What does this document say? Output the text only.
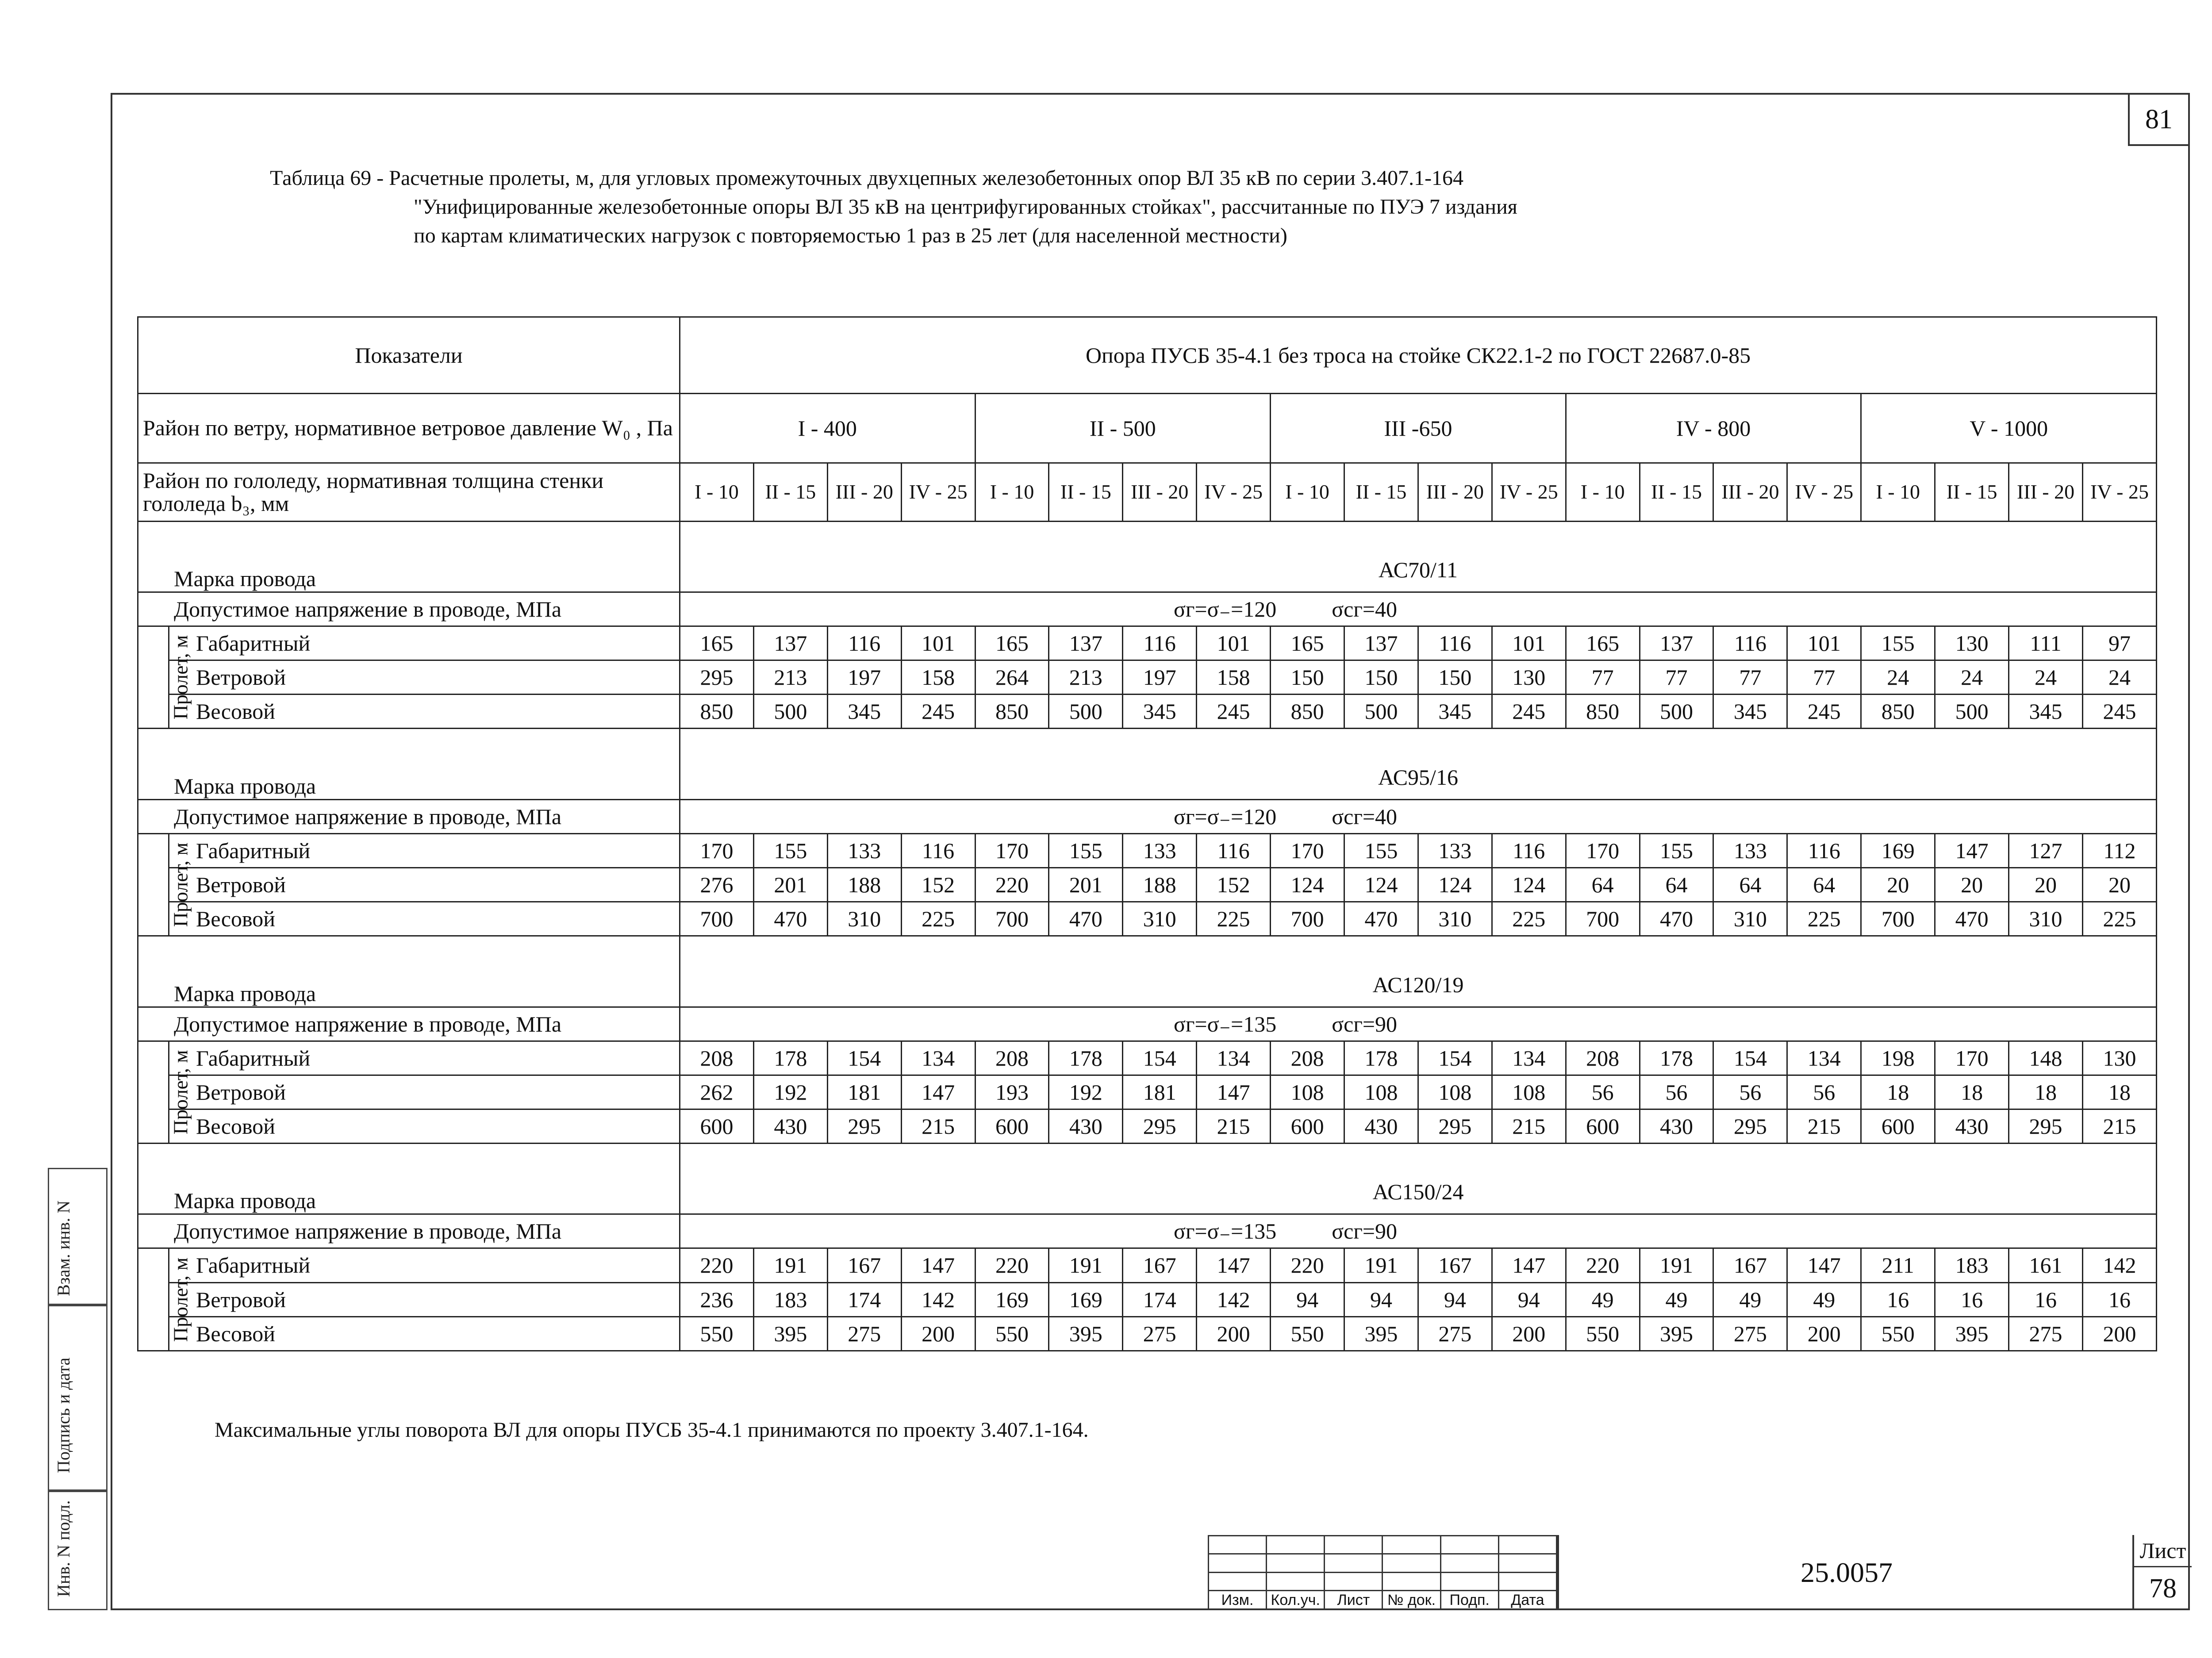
81
Таблица 69 - Расчетные пролеты, м, для угловых промежуточных двухцепных железобетонных опор ВЛ 35 кВ по серии 3.407.1-164
"Унифицированные железобетонные опоры ВЛ 35 кВ на центрифугированных стойках", рассчитанные по ПУЭ 7 издания
по картам климатических нагрузок с повторяемостью 1 раз в 25 лет (для населенной местности)
Показатели		Опора ПУСБ 35-4.1 без троса на стойке СК22.1-2 по ГОСТ 22687.0-85																			
Район по ветру, нормативное ветровое давление W₀ , Па		I - 400				II - 500				III -650				IV - 800				V - 1000			
Район по гололеду, нормативная толщина стенки гололеда b₃, мм		I - 10	II - 15	III - 20	IV - 25	I - 10	II - 15	III - 20	IV - 25	I - 10	II - 15	III - 20	IV - 25	I - 10	II - 15	III - 20	IV - 25	I - 10	II - 15	III - 20	IV - 25
Марка провода		АС70/11																			
Допустимое напряжение в проводе, МПа		σг=σ₋=120          σсг=40																			
Пролет, м	Габаритный	165	137	116	101	165	137	116	101	165	137	116	101	165	137	116	101	155	130	111	97
	Ветровой	295	213	197	158	264	213	197	158	150	150	150	130	77	77	77	77	24	24	24	24
	Весовой	850	500	345	245	850	500	345	245	850	500	345	245	850	500	345	245	850	500	345	245
Марка провода		АС95/16																			
Допустимое напряжение в проводе, МПа		σг=σ₋=120          σсг=40																			
Пролет, м	Габаритный	170	155	133	116	170	155	133	116	170	155	133	116	170	155	133	116	169	147	127	112
	Ветровой	276	201	188	152	220	201	188	152	124	124	124	124	64	64	64	64	20	20	20	20
	Весовой	700	470	310	225	700	470	310	225	700	470	310	225	700	470	310	225	700	470	310	225
Марка провода		АС120/19																			
Допустимое напряжение в проводе, МПа		σг=σ₋=135          σсг=90																			
Пролет, м	Габаритный	208	178	154	134	208	178	154	134	208	178	154	134	208	178	154	134	198	170	148	130
	Ветровой	262	192	181	147	193	192	181	147	108	108	108	108	56	56	56	56	18	18	18	18
	Весовой	600	430	295	215	600	430	295	215	600	430	295	215	600	430	295	215	600	430	295	215
Марка провода		АС150/24																			
Допустимое напряжение в проводе, МПа		σг=σ₋=135          σсг=90																			
Пролет, м	Габаритный	220	191	167	147	220	191	167	147	220	191	167	147	220	191	167	147	211	183	161	142
	Ветровой	236	183	174	142	169	169	174	142	94	94	94	94	49	49	49	49	16	16	16	16
	Весовой	550	395	275	200	550	395	275	200	550	395	275	200	550	395	275	200	550	395	275	200
Максимальные углы поворота ВЛ для опоры ПУСБ 35-4.1 принимаются по проекту 3.407.1-164.
Взам. инв. N
Подпись и дата
Инв. N подл.

Изм.	Кол.уч.	Лист	№ док.	Подп.	Дата
25.0057
Лист
78
